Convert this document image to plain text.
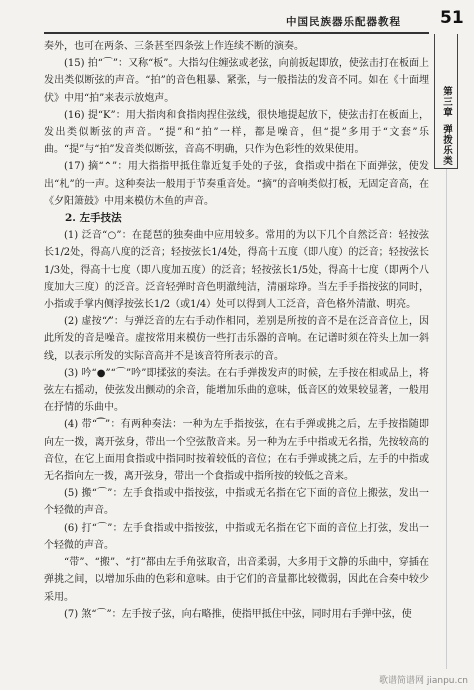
中国民族器乐配器教程 51
第三章
弹拨乐类

奏外，也可在两条、三条甚至四条弦上作连续不断的演奏。

(15) 拍“⌒”：又称“板”。大指勾住缠弦或老弦，向前扳起即放，使弦击打在板面上发出类似断弦的声音。“拍”的音色粗暴、紧张，与一般指法的发音不同。如在《十面埋伏》中用“拍”来表示放炮声。

(16) 提“K”：用大指肉和食指肉捏住弦线，很快地提起放下，使弦击打在板面上，发出类似断弦的声音。“提”和“拍”一样，都是噪音，但“提”多用于“文套”乐曲。“提”与“拍”发音类似断弦，音高不明确，只作为色彩性的效果使用。

(17) 摘“⌃”：用大指指甲抵住靠近复手处的子弦，食指或中指在下面弹弦，使发出“札”的一声。这种奏法一般用于节奏重音处。“摘”的音响类似打板，无固定音高，在《夕阳箫鼓》中用来模仿木鱼的声音。

2. 左手技法

(1) 泛音“○”：在琵琶的独奏曲中应用较多。常用的为以下几个自然泛音：轻按弦长1/2处，得高八度的泛音；轻按弦长1/4处，得高十五度（即八度）的泛音；轻按弦长1/3处，得高十七度（即八度加五度）的泛音；轻按弦长1/5处，得高十七度（即两个八度加大三度）的泛音。泛音轻弹时音色明澈纯洁，清丽琮琤。当左手手指按弦的同时，小指或手掌内侧浮按弦长1/2（或1/4）处可以得到人工泛音，音色格外清澈、明亮。

(2) 虚按“⁄”：与弹泛音的左右手动作相同，差别是所按的音不是在泛音音位上，因此所发的音是噪音。虚按常用来模仿一些打击乐器的音响。在记谱时须在符头上加一斜线，以表示所发的实际音高并不是该音符所表示的音。

(3) 吟“●”“⌒”吟”即揉弦的奏法。在右手弹拨发声的时候，左手按在相或品上，将弦左右摇动，使弦发出颤动的余音，能增加乐曲的意味，低音区的效果较显著，一般用在抒情的乐曲中。

(4) 带“⁀”：有两种奏法：一种为左手指按弦，在右手弹或挑之后，左手按指随即向左一拨，离开弦身，带出一个空弦散音来。另一种为左手中指或无名指，先按较高的音位，在它上面用食指或中指同时按着较低的音位；在右手弹或挑之后，左手的中指或无名指向左一拨，离开弦身，带出一个食指或中指所按的较低之音来。

(5) 搬“⌒”：左手食指或中指按弦，中指或无名指在它下面的音位上搬弦，发出一个轻微的声音。

(6) 打“⌒”：左手食指或中指按弦，中指或无名指在它下面的音位上打弦，发出一个轻微的声音。

“带”、“搬”、“打”都由左手角弦取音，出音柔弱，大多用于文静的乐曲中，穿插在弹挑之间，以增加乐曲的色彩和意味。由于它们的音量都比较微弱，因此在合奏中较少采用。

(7) 煞“⌒”：左手按子弦，向右略推，使指甲抵住中弦，同时用右手弹中弦，使

歌谱简谱网 jianpu.cn
